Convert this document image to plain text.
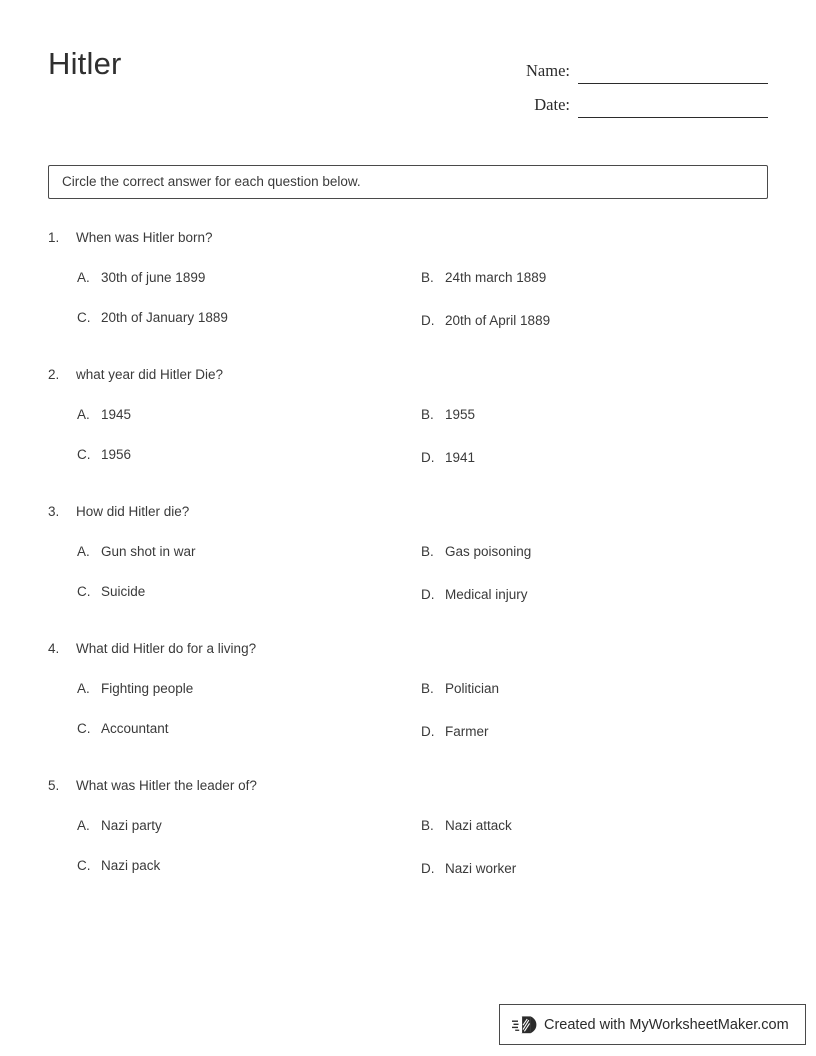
Hitler	Name:
Date:
Circle the correct answer for each question below.
1.	When was Hitler born?
A. 30th of june 1899	B. 24th march 1889
C. 20th of January 1889	D. 20th of April 1889
2.	what year did Hitler Die?
A. 1945	B. 1955
C. 1956	D. 1941
3.	How did Hitler die?
A. Gun shot in war	B. Gas poisoning
C. Suicide	D. Medical injury
4.	What did Hitler do for a living?
A. Fighting people	B. Politician
C. Accountant	D. Farmer
5.	What was Hitler the leader of?
A. Nazi party	B. Nazi attack
C. Nazi pack	D. Nazi worker
Created with MyWorksheetMaker.com
